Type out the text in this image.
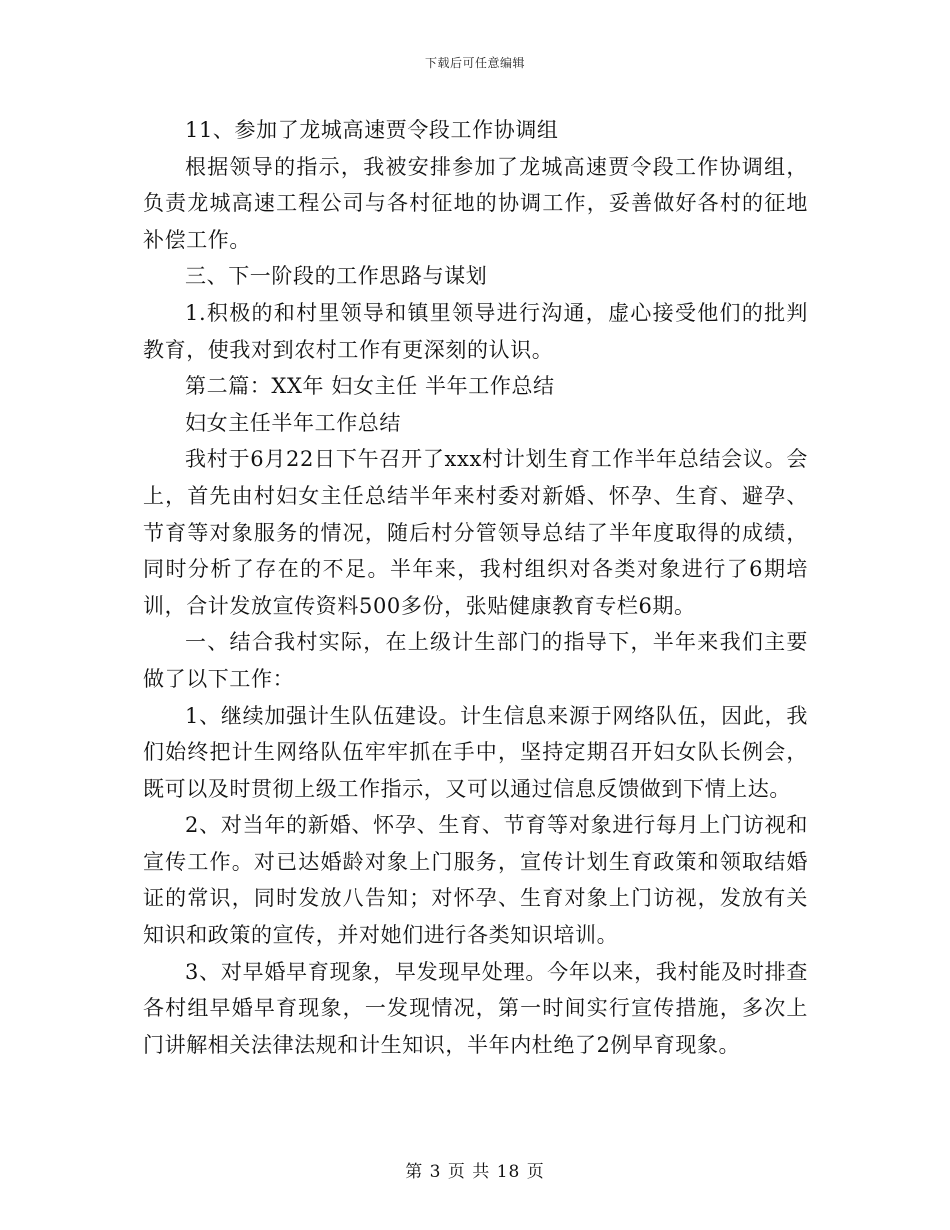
下载后可任意编辑

11、参加了龙城高速贾令段工作协调组

根据领导的指示，我被安排参加了龙城高速贾令段工作协调组，负责龙城高速工程公司与各村征地的协调工作，妥善做好各村的征地补偿工作。

三、下一阶段的工作思路与谋划

1.积极的和村里领导和镇里领导进行沟通，虚心接受他们的批判教育，使我对到农村工作有更深刻的认识。

第二篇：XX年 妇女主任 半年工作总结

妇女主任半年工作总结

我村于6月22日下午召开了xxx村计划生育工作半年总结会议。会上，首先由村妇女主任总结半年来村委对新婚、怀孕、生育、避孕、节育等对象服务的情况，随后村分管领导总结了半年度取得的成绩，同时分析了存在的不足。半年来，我村组织对各类对象进行了6期培训，合计发放宣传资料500多份，张贴健康教育专栏6期。

一、结合我村实际，在上级计生部门的指导下，半年来我们主要做了以下工作：

1、继续加强计生队伍建设。计生信息来源于网络队伍，因此，我们始终把计生网络队伍牢牢抓在手中，坚持定期召开妇女队长例会，既可以及时贯彻上级工作指示，又可以通过信息反馈做到下情上达。

2、对当年的新婚、怀孕、生育、节育等对象进行每月上门访视和宣传工作。对已达婚龄对象上门服务，宣传计划生育政策和领取结婚证的常识，同时发放八告知；对怀孕、生育对象上门访视，发放有关知识和政策的宣传，并对她们进行各类知识培训。

3、对早婚早育现象，早发现早处理。今年以来，我村能及时排查各村组早婚早育现象，一发现情况，第一时间实行宣传措施，多次上门讲解相关法律法规和计生知识，半年内杜绝了2例早育现象。

第 3 页 共 18 页
